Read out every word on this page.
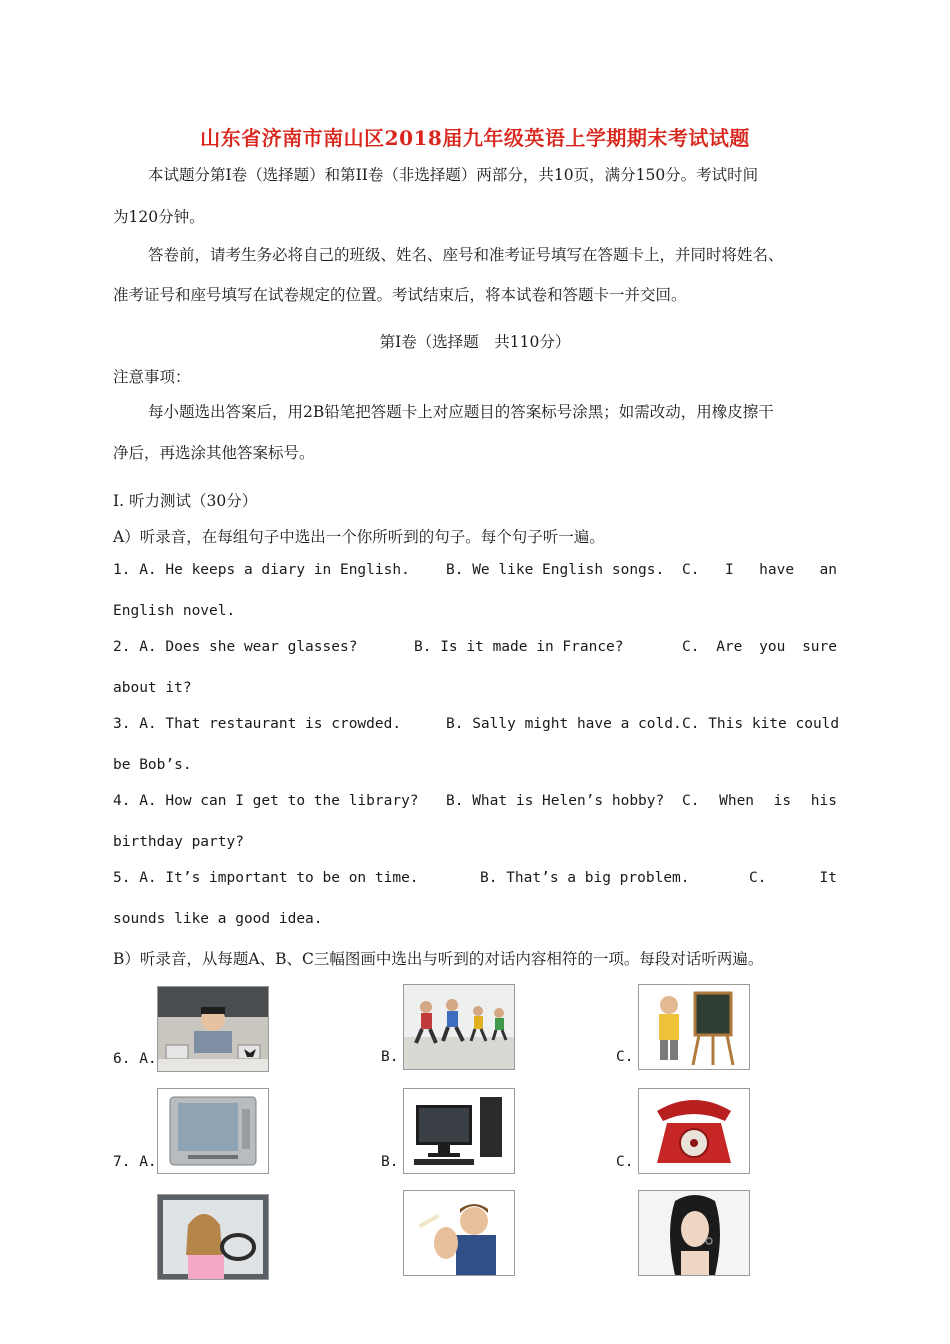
山东省济南市南山区2018届九年级英语上学期期末考试试题
本试题分第I卷（选择题）和第II卷（非选择题）两部分，共10页，满分150分。考试时间
为120分钟。
答卷前，请考生务必将自己的班级、姓名、座号和准考证号填写在答题卡上，并同时将姓名、
准考证号和座号填写在试卷规定的位置。考试结束后，将本试卷和答题卡一并交回。
第I卷（选择题　共110分）
注意事项：
每小题选出答案后，用2B铅笔把答题卡上对应题目的答案标号涂黑；如需改动，用橡皮擦干
净后，再选涂其他答案标号。
I. 听力测试（30分）
A）听录音，在每组句子中选出一个你所听到的句子。每个句子听一遍。
1. A. He keeps a diary in English. B. We like English songs. C. I have an
English novel.
2. A. Does she wear glasses?	B. Is it made in France?	C. Are you sure
about it?
3. A. That restaurant is crowded.	B. Sally might have a cold. C. This kite could
be Bob’s.
4. A. How can I get to the library? B. What is Helen’s hobby? C. When is his
birthday party?
5. A. It’s important to be on time.	B. That’s a big problem.	C.	It
sounds like a good idea.
B）听录音，从每题A、B、C三幅图画中选出与听到的对话内容相符的一项。每段对话听两遍。
6. A.	B.	C.
7. A.	B.	C.
